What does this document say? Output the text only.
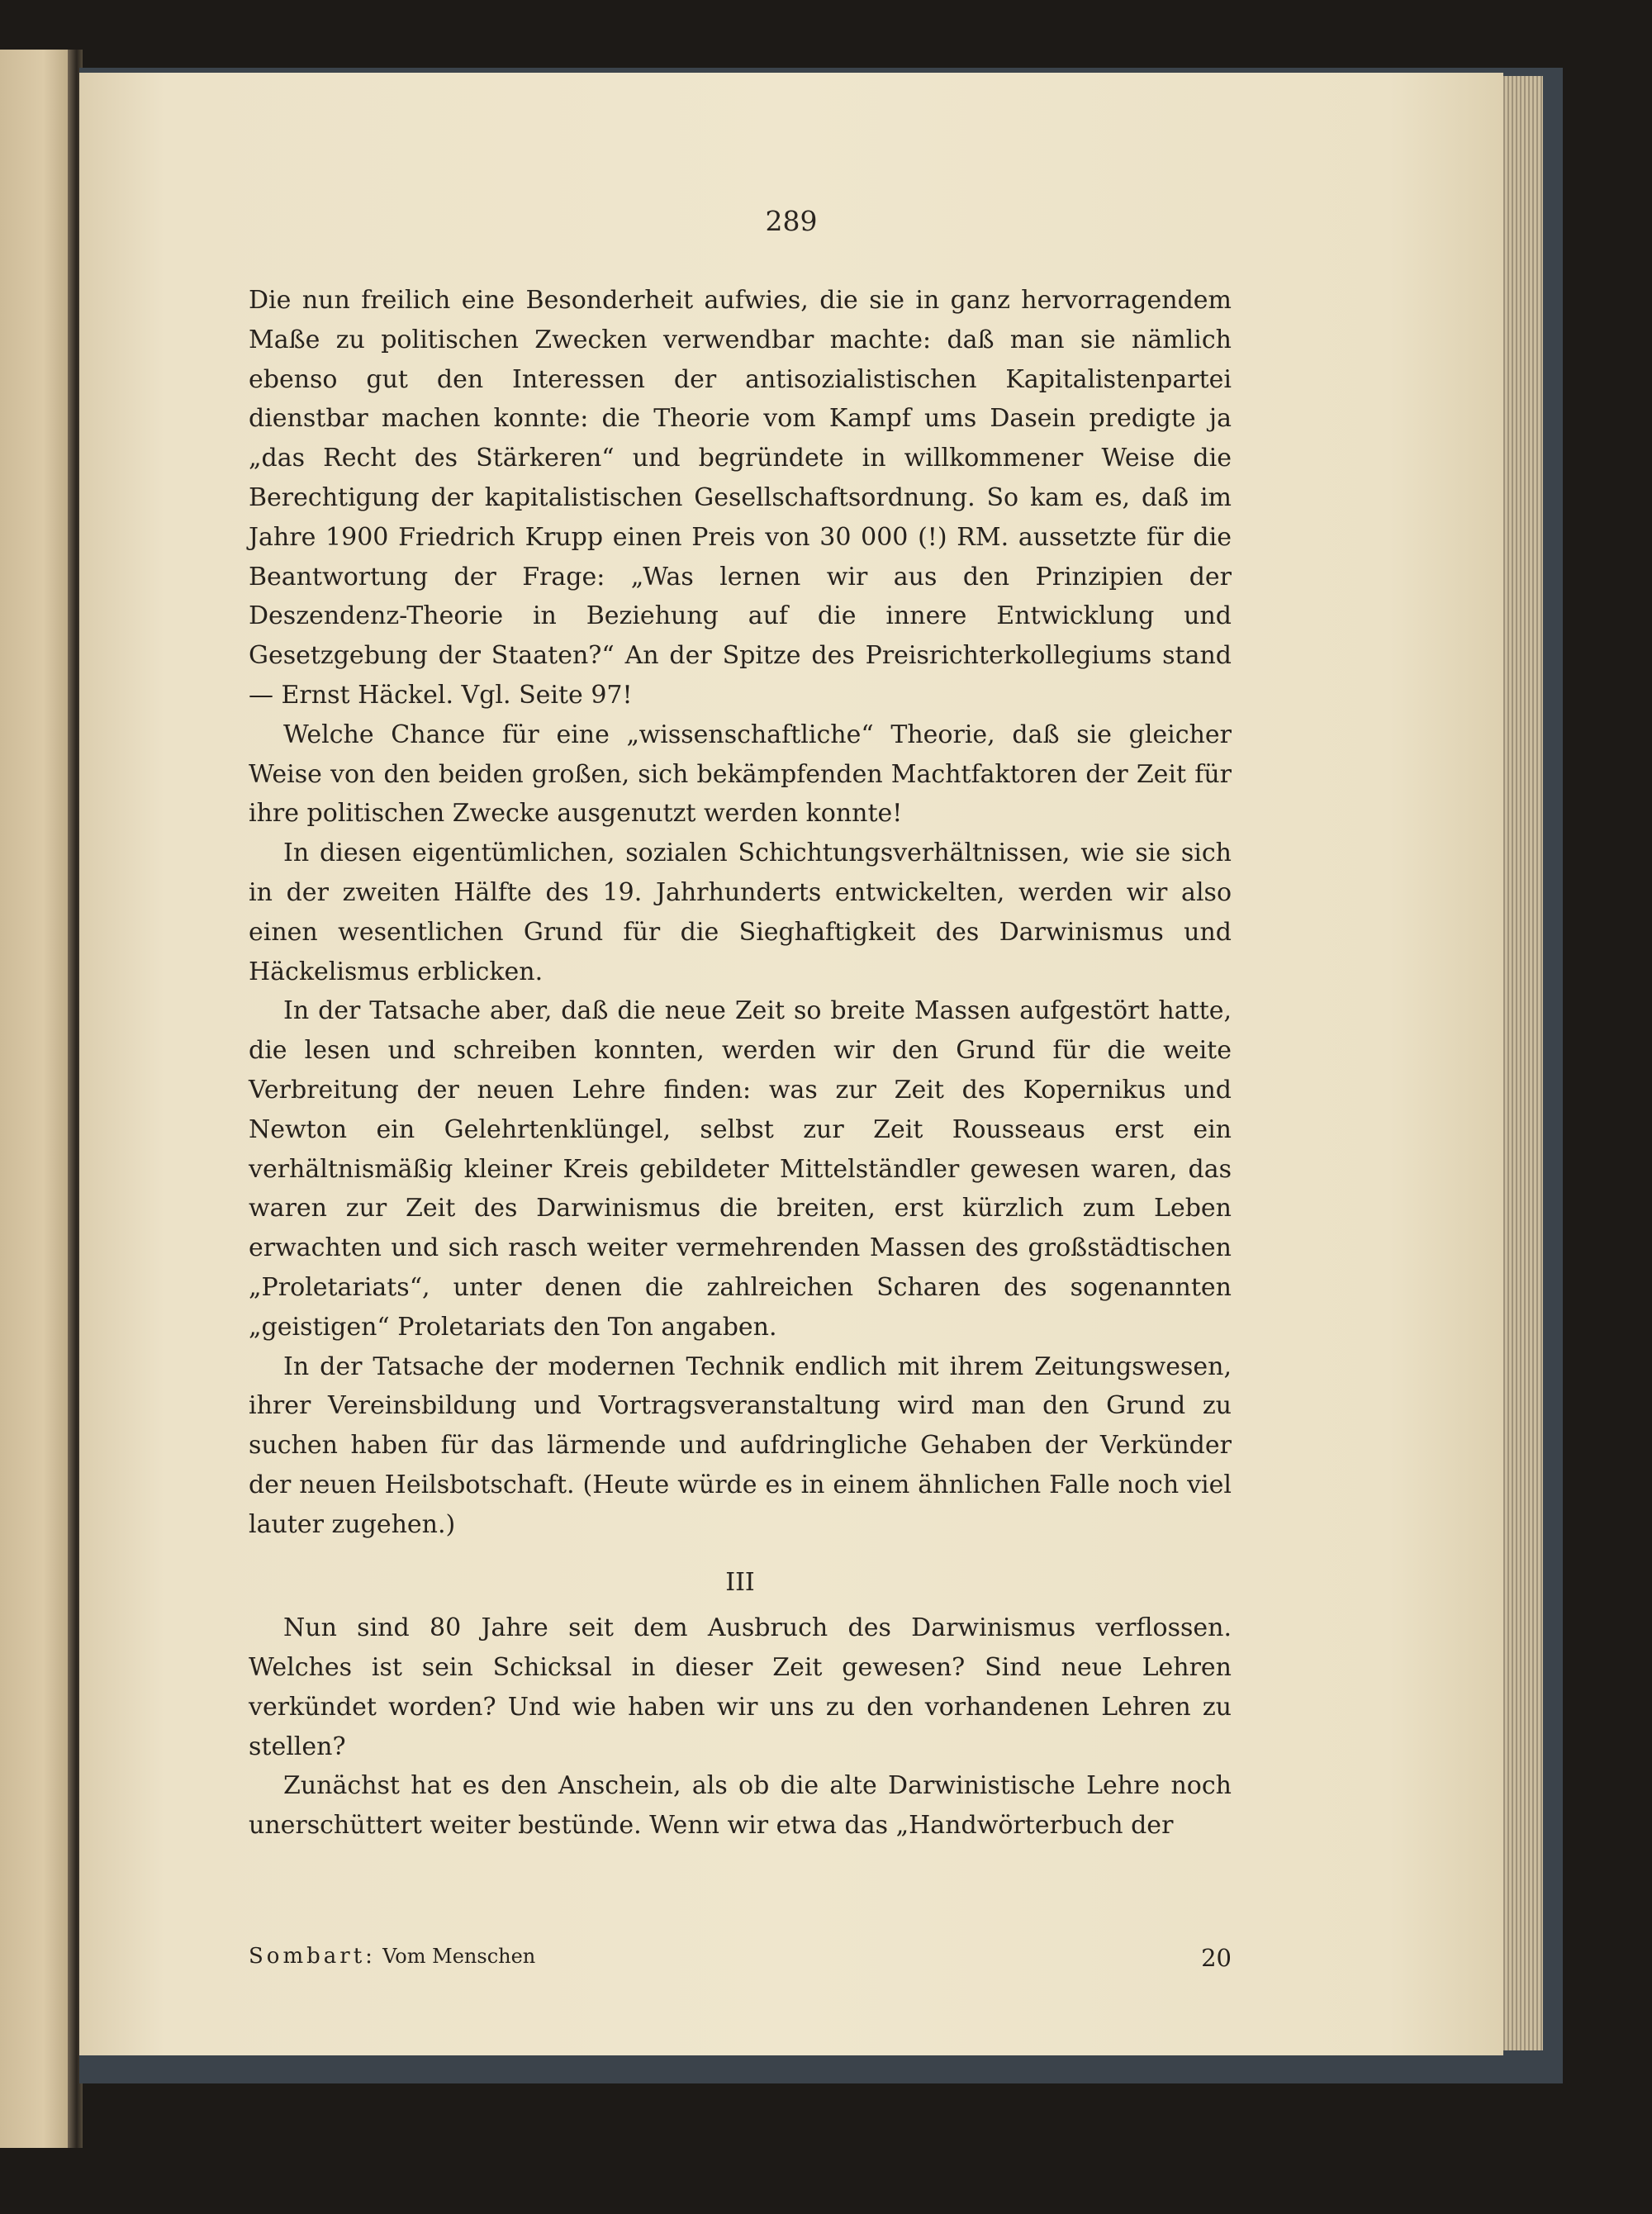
289

Die nun freilich eine Besonderheit aufwies, die sie in ganz hervorragendem Maße zu politischen Zwecken verwendbar machte: daß man sie nämlich ebenso gut den Interessen der antisozialistischen Kapitalistenpartei dienstbar machen konnte: die Theorie vom Kampf ums Dasein predigte ja „das Recht des Stärkeren“ und begründete in willkommener Weise die Berechtigung der kapitalistischen Gesellschaftsordnung. So kam es, daß im Jahre 1900 Friedrich Krupp einen Preis von 30 000 (!) RM. aussetzte für die Beantwortung der Frage: „Was lernen wir aus den Prinzipien der Deszendenz-Theorie in Beziehung auf die innere Entwicklung und Gesetzgebung der Staaten?“ An der Spitze des Preisrichterkollegiums stand — Ernst Häckel. Vgl. Seite 97!

Welche Chance für eine „wissenschaftliche“ Theorie, daß sie gleicher Weise von den beiden großen, sich bekämpfenden Machtfaktoren der Zeit für ihre politischen Zwecke ausgenutzt werden konnte!

In diesen eigentümlichen, sozialen Schichtungsverhältnissen, wie sie sich in der zweiten Hälfte des 19. Jahrhunderts entwickelten, werden wir also einen wesentlichen Grund für die Sieghaftigkeit des Darwinismus und Häckelismus erblicken.

In der Tatsache aber, daß die neue Zeit so breite Massen aufgestört hatte, die lesen und schreiben konnten, werden wir den Grund für die weite Verbreitung der neuen Lehre finden: was zur Zeit des Kopernikus und Newton ein Gelehrtenklüngel, selbst zur Zeit Rousseaus erst ein verhältnismäßig kleiner Kreis gebildeter Mittelständler gewesen waren, das waren zur Zeit des Darwinismus die breiten, erst kürzlich zum Leben erwachten und sich rasch weiter vermehrenden Massen des großstädtischen „Proletariats“, unter denen die zahlreichen Scharen des sogenannten „geistigen“ Proletariats den Ton angaben.

In der Tatsache der modernen Technik endlich mit ihrem Zeitungswesen, ihrer Vereinsbildung und Vortragsveranstaltung wird man den Grund zu suchen haben für das lärmende und aufdringliche Gehaben der Verkünder der neuen Heilsbotschaft. (Heute würde es in einem ähnlichen Falle noch viel lauter zugehen.)

III

Nun sind 80 Jahre seit dem Ausbruch des Darwinismus verflossen. Welches ist sein Schicksal in dieser Zeit gewesen? Sind neue Lehren verkündet worden? Und wie haben wir uns zu den vorhandenen Lehren zu stellen?

Zunächst hat es den Anschein, als ob die alte Darwinistische Lehre noch unerschüttert weiter bestünde. Wenn wir etwa das „Handwörterbuch der

Sombart: Vom Menschen	20
